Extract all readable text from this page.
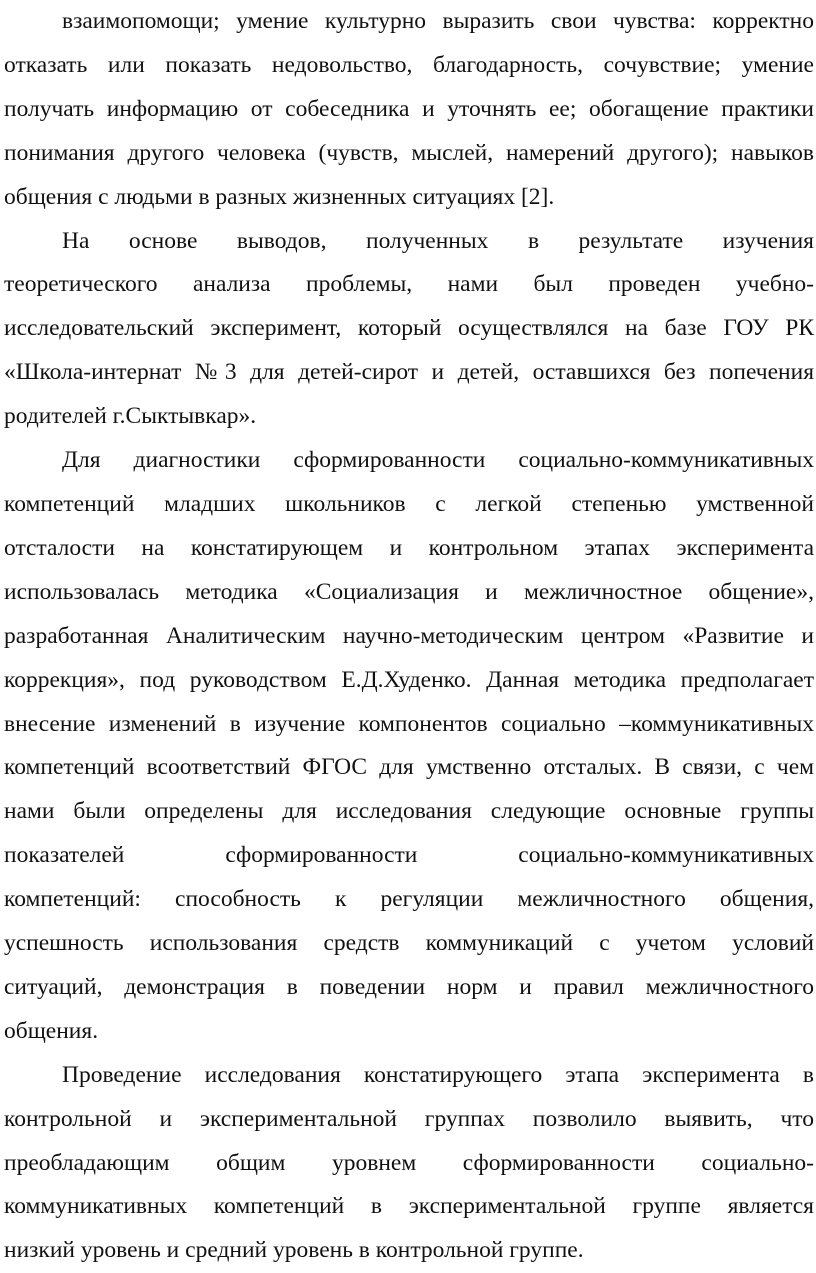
взаимопомощи; умение культурно выразить свои чувства: корректно
отказать или показать недовольство, благодарность, сочувствие; умение
получать информацию от собеседника и уточнять ее; обогащение практики
понимания другого человека (чувств, мыслей, намерений другого); навыков
общения с людьми в разных жизненных ситуациях [2].
На основе выводов, полученных в результате изучения
теоретического анализа проблемы, нами был проведен учебно-
исследовательский эксперимент, который осуществлялся на базе ГОУ РК
«Школа-интернат №3 для детей-сирот и детей, оставшихся без попечения
родителей г.Сыктывкар».
Для диагностики сформированности социально-коммуникативных
компетенций младших школьников с легкой степенью умственной
отсталости на констатирующем и контрольном этапах эксперимента
использовалась методика «Социализация и межличностное общение»,
разработанная Аналитическим научно-методическим центром «Развитие и
коррекция», под руководством Е.Д.Худенко. Данная методика предполагает
внесение изменений в изучение компонентов социально –коммуникативных
компетенций всоответствий ФГОС для умственно отсталых. В связи, с чем
нами были определены для исследования следующие основные группы
показателей сформированности социально-коммуникативных
компетенций: способность к регуляции межличностного общения,
успешность использования средств коммуникаций с учетом условий
ситуаций, демонстрация в поведении норм и правил межличностного
общения.
Проведение исследования констатирующего этапа эксперимента в
контрольной и экспериментальной группах позволило выявить, что
преобладающим общим уровнем сформированности социально-
коммуникативных компетенций в экспериментальной группе является
низкий уровень и средний уровень в контрольной группе.
